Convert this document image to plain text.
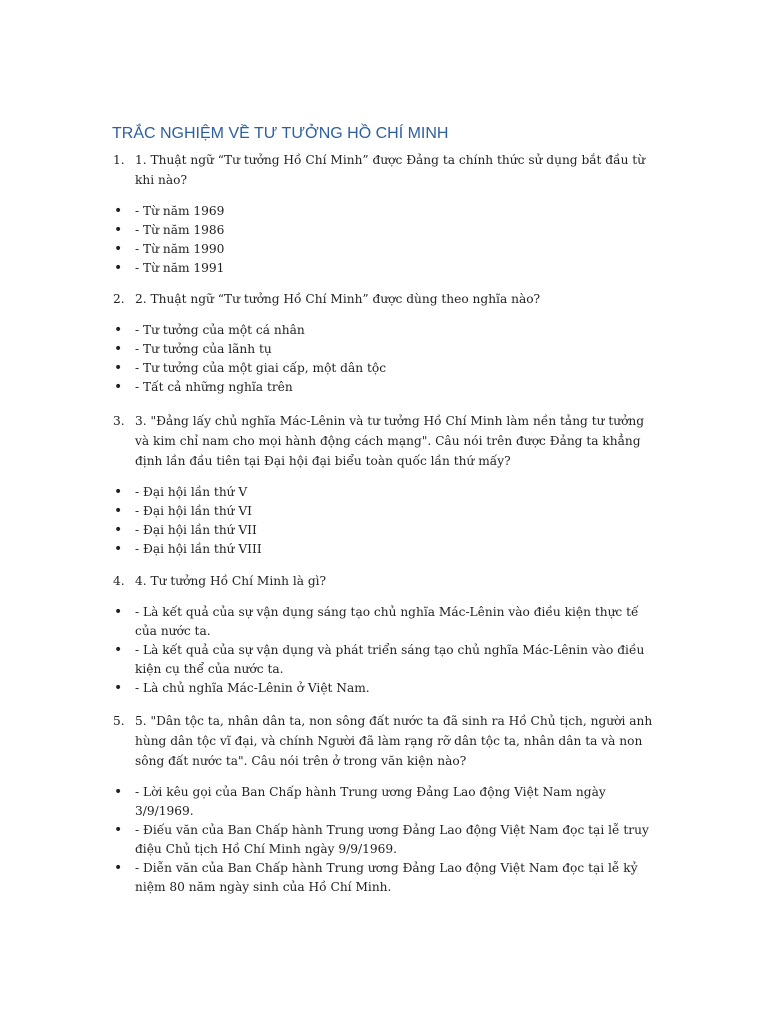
TRẮC NGHIỆM VỀ TƯ TƯỞNG HỒ CHÍ MINH
1. 1. Thuật ngữ “Tư tưởng Hồ Chí Minh” được Đảng ta chính thức sử dụng bắt đầu từ khi nào?
• - Từ năm 1969
• - Từ năm 1986
• - Từ năm 1990
• - Từ năm 1991
2. 2. Thuật ngữ “Tư tưởng Hồ Chí Minh” được dùng theo nghĩa nào?
• - Tư tưởng của một cá nhân
• - Tư tưởng của lãnh tụ
• - Tư tưởng của một giai cấp, một dân tộc
• - Tất cả những nghĩa trên
3. 3. "Đảng lấy chủ nghĩa Mác-Lênin và tư tưởng Hồ Chí Minh làm nền tảng tư tưởng và kim chỉ nam cho mọi hành động cách mạng". Câu nói trên được Đảng ta khẳng định lần đầu tiên tại Đại hội đại biểu toàn quốc lần thứ mấy?
• - Đại hội lần thứ V
• - Đại hội lần thứ VI
• - Đại hội lần thứ VII
• - Đại hội lần thứ VIII
4. 4. Tư tưởng Hồ Chí Minh là gì?
• - Là kết quả của sự vận dụng sáng tạo chủ nghĩa Mác-Lênin vào điều kiện thực tế của nước ta.
• - Là kết quả của sự vận dụng và phát triển sáng tạo chủ nghĩa Mác-Lênin vào điều kiện cụ thể của nước ta.
• - Là chủ nghĩa Mác-Lênin ở Việt Nam.
5. 5. "Dân tộc ta, nhân dân ta, non sông đất nước ta đã sinh ra Hồ Chủ tịch, người anh hùng dân tộc vĩ đại, và chính Người đã làm rạng rỡ dân tộc ta, nhân dân ta và non sông đất nước ta". Câu nói trên ở trong văn kiện nào?
• - Lời kêu gọi của Ban Chấp hành Trung ương Đảng Lao động Việt Nam ngày 3/9/1969.
• - Điếu văn của Ban Chấp hành Trung ương Đảng Lao động Việt Nam đọc tại lễ truy điệu Chủ tịch Hồ Chí Minh ngày 9/9/1969.
• - Diễn văn của Ban Chấp hành Trung ương Đảng Lao động Việt Nam đọc tại lễ kỷ niệm 80 năm ngày sinh của Hồ Chí Minh.
